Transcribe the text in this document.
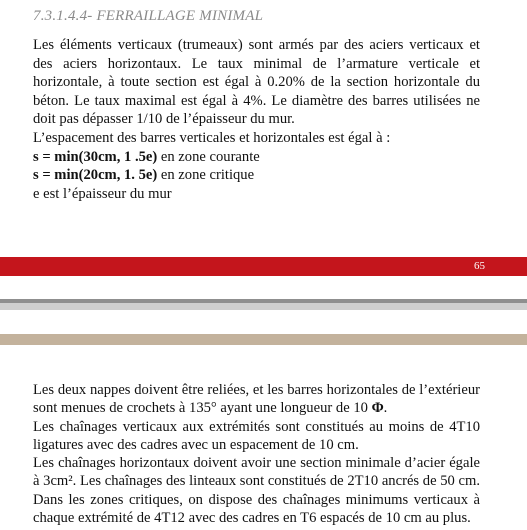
7.3.1.4.4- FERRAILLAGE MINIMAL

Les éléments verticaux (trumeaux) sont armés par des aciers verticaux et des aciers horizontaux. Le taux minimal de l’armature verticale et horizontale, à toute section est égal à 0.20% de la section horizontale du béton. Le taux maximal est égal à 4%. Le diamètre des barres utilisées ne doit pas dépasser 1/10 de l’épaisseur du mur.

L’espacement des barres verticales et horizontales est égal à :

s = min(30cm, 1 .5e) en zone courante

s = min(20cm, 1. 5e) en zone critique

e est l’épaisseur du mur

65

Les deux nappes doivent être reliées, et les barres horizontales de l’extérieur sont menues de crochets à 135° ayant une longueur de 10 Φ.

Les chaînages verticaux aux extrémités sont constitués au moins de 4T10 ligatures avec des cadres avec un espacement de 10 cm.

Les chaînages horizontaux doivent avoir une section minimale d’acier égale à 3cm². Les chaînages des linteaux sont constitués de 2T10 ancrés de 50 cm. Dans les zones critiques, on dispose des chaînages minimums verticaux à chaque extrémité de 4T12 avec des cadres en T6 espacés de 10 cm au plus.
